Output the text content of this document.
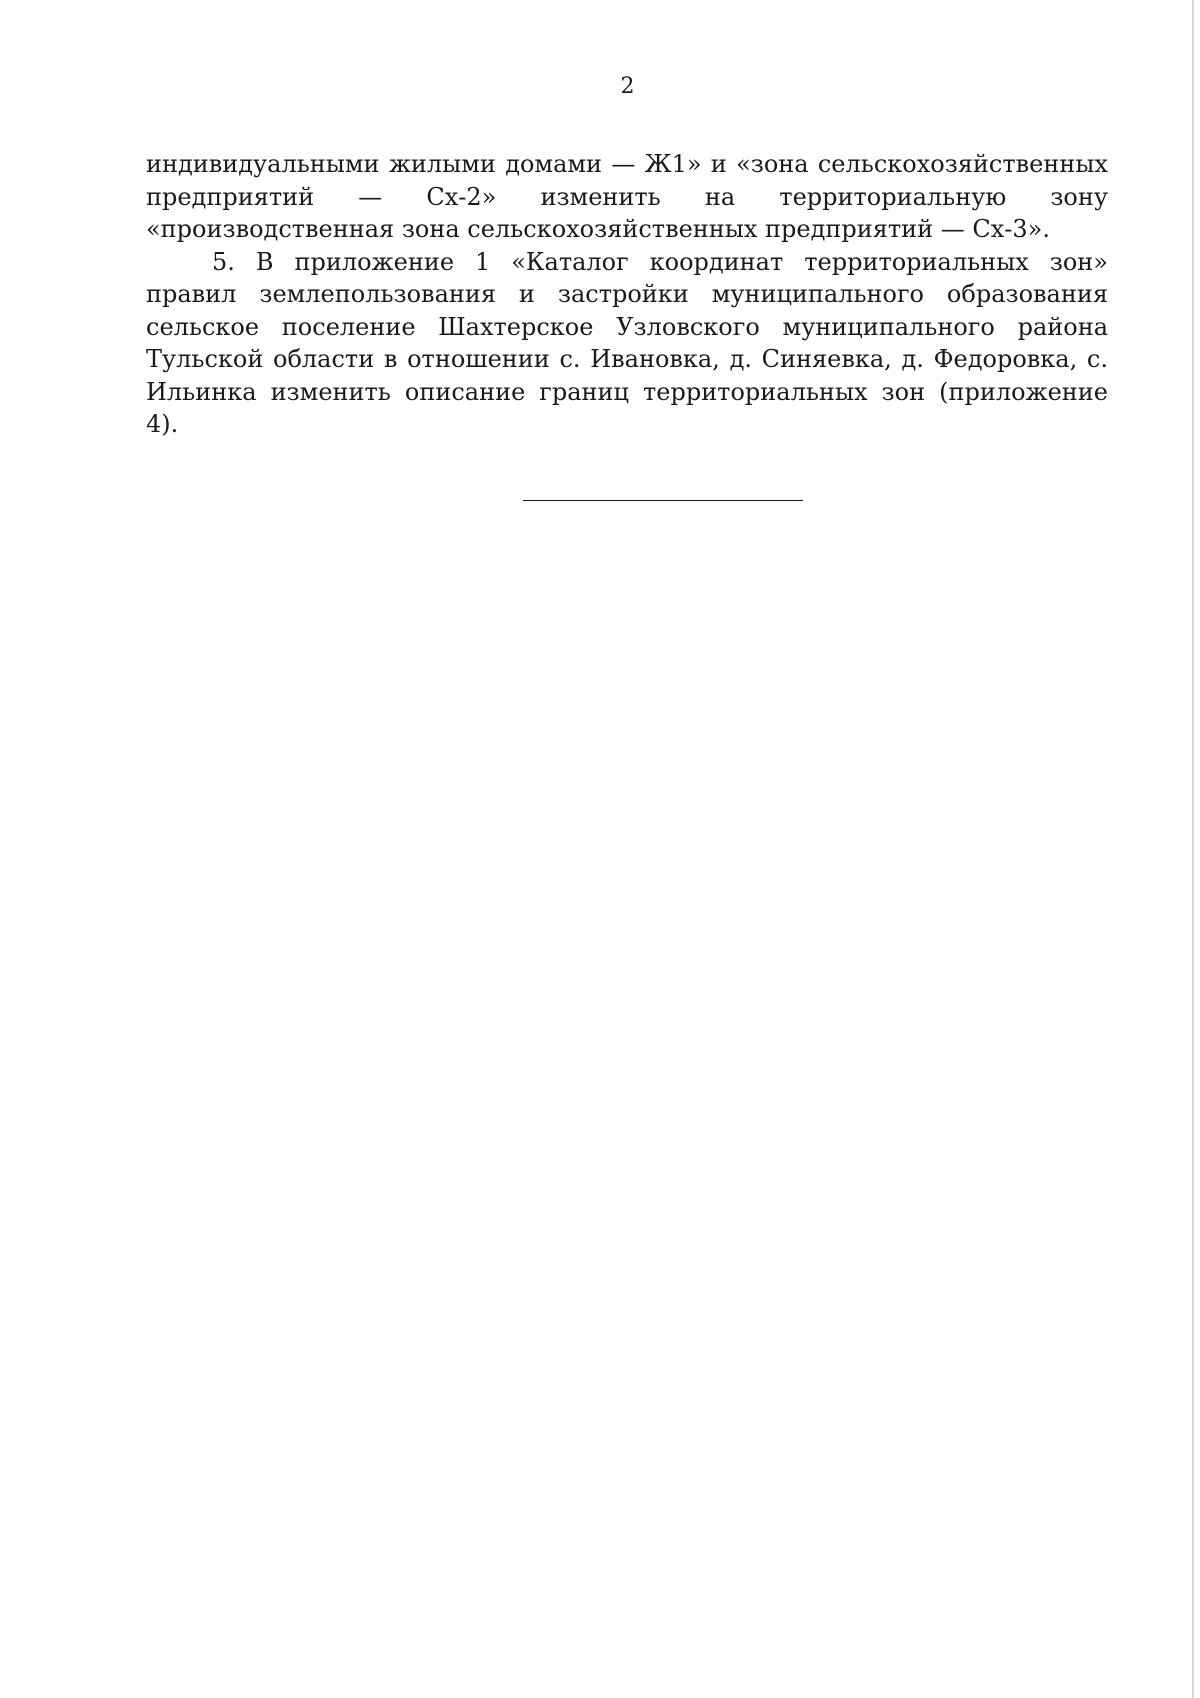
2

индивидуальными жилыми домами — Ж1» и «зона сельскохозяйственных предприятий — Сх-2» изменить на территориальную зону «производственная зона сельскохозяйственных предприятий — Сх-3».

5. В приложение 1 «Каталог координат территориальных зон» правил землепользования и застройки муниципального образования сельское поселение Шахтерское Узловского муниципального района Тульской области в отношении с. Ивановка, д. Синяевка, д. Федоровка, с. Ильинка изменить описание границ территориальных зон (приложение 4).
